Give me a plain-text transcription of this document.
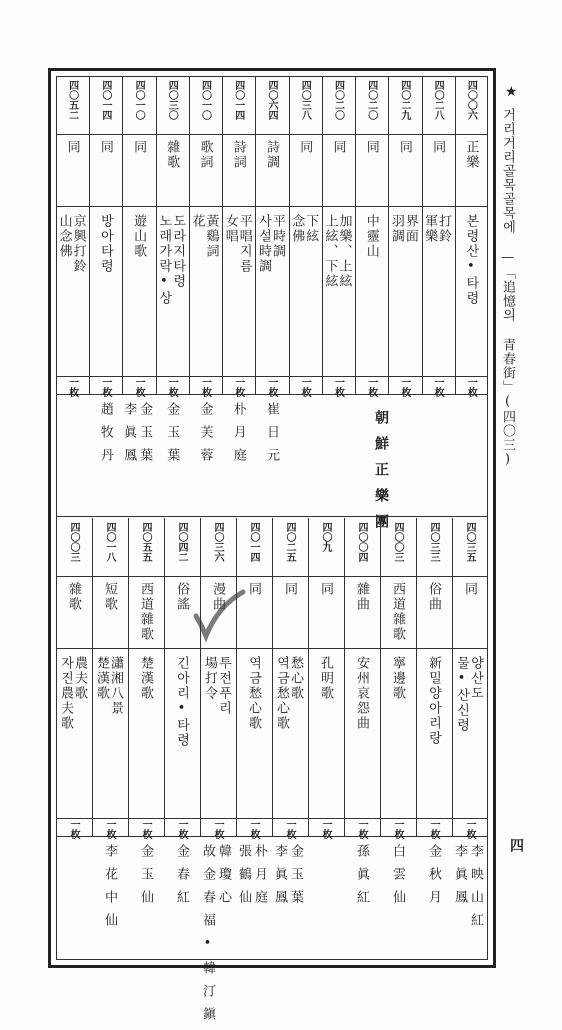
★
거리거리골목골목에 —「追憶의 青春街」(四〇三)
四
四〇〇六
正樂
본령산•타령
一枚
四〇二八
同
打鈴
一枚
軍樂
四〇二九
同
界面
一枚
羽調
四〇二〇
同
中靈山
一枚
四〇二〇
同
加樂、上絃
一枚
上絃、下絃
四〇三八
同
下絃
一枚
念佛
四〇六四
詩調
平時調
一枚
사설時調
崔日元
四〇一四
詩詞
平唱지름
一枚
女唱
朴月庭
四〇一〇
歌詞
黃鷄詞
一枚
花
金芙蓉
四〇三〇
雜歌
도라지타령
一枚
노래가락•상
金玉葉
四〇一〇
同
遊山歌
一枚
金玉葉
李眞鳳
四〇一四
同
방아타령
一枚
趙牧丹
四〇五二
同
京興打鈴
一枚
山念佛
朝鮮正樂團
四〇三五
同
양산도
一枚
물•산신령
李映山紅
李眞鳳
四〇三三
俗曲
新밀양아리랑
一枚
金秋月
四〇〇三
西道雜歌
寧邊歌
一枚
白雲仙
四〇〇四
雜曲
安州哀怨曲
一枚
孫眞紅
四〇九
同
孔明歌
一枚
四〇二五
同
愁心歌
一枚
역금愁心歌
金玉葉
李眞鳳
四〇一四
同
역금愁心歌
一枚
朴月庭
張鶴仙
四〇三六
漫曲
투전푸리
一枚
場打令
韓瓊心
故金春福•韓汀鎭
四〇四二
俗謠
긴아리•타령
一枚
金春紅
四〇五五
西道雜歌
楚漢歌
一枚
金玉仙
四〇一八
短歌
瀟湘八景
一枚
楚漢歌
李花中仙
四〇〇三
雜歌
農夫歌
一枚
자진農夫歌
